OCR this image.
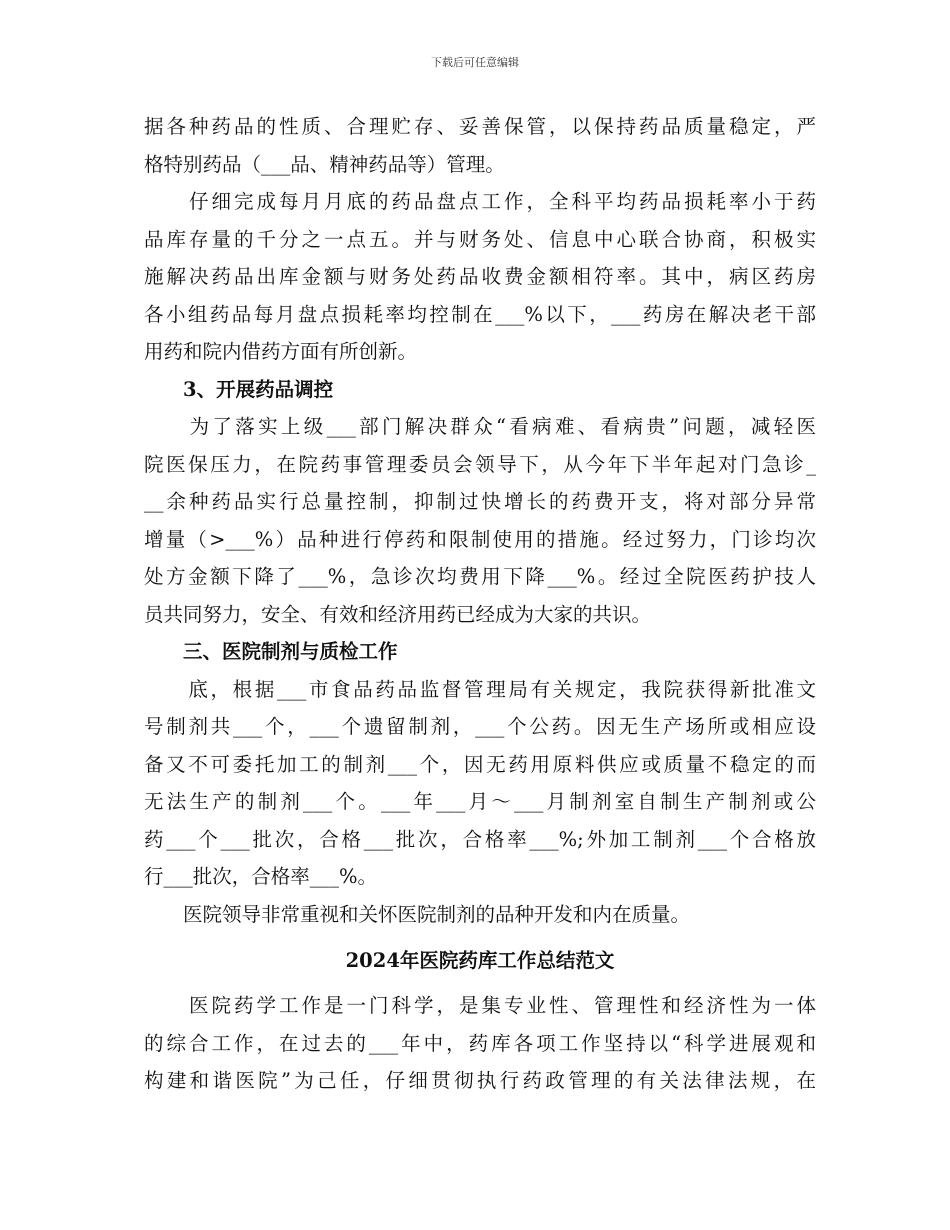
下载后可任意编辑
据各种药品的性质、合理贮存、妥善保管，以保持药品质量稳定，严
格特别药品（___品、精神药品等）管理。
　　仔细完成每月月底的药品盘点工作，全科平均药品损耗率小于药
品库存量的千分之一点五。并与财务处、信息中心联合协商，积极实
施解决药品出库金额与财务处药品收费金额相符率。其中，病区药房
各小组药品每月盘点损耗率均控制在___%以下，___药房在解决老干部
用药和院内借药方面有所创新。
　　3、开展药品调控
　　为了落实上级___部门解决群众“看病难、看病贵”问题，减轻医
院医保压力，在院药事管理委员会领导下，从今年下半年起对门急诊_
__余种药品实行总量控制，抑制过快增长的药费开支，将对部分异常
增量（>___%）品种进行停药和限制使用的措施。经过努力，门诊均次
处方金额下降了___%，急诊次均费用下降___%。经过全院医药护技人
员共同努力，安全、有效和经济用药已经成为大家的共识。
　　三、医院制剂与质检工作
　　底，根据___市食品药品监督管理局有关规定，我院获得新批准文
号制剂共___个，___个遗留制剂，___个公药。因无生产场所或相应设
备又不可委托加工的制剂___个，因无药用原料供应或质量不稳定的而
无法生产的制剂___个。___年___月～___月制剂室自制生产制剂或公
药___个___批次，合格___批次，合格率___%;外加工制剂___个合格放
行___批次，合格率___%。
　　医院领导非常重视和关怀医院制剂的品种开发和内在质量。
2024年医院药库工作总结范文
　　医院药学工作是一门科学，是集专业性、管理性和经济性为一体
的综合工作，在过去的___年中，药库各项工作坚持以“科学进展观和
构建和谐医院”为己任，仔细贯彻执行药政管理的有关法律法规，在
